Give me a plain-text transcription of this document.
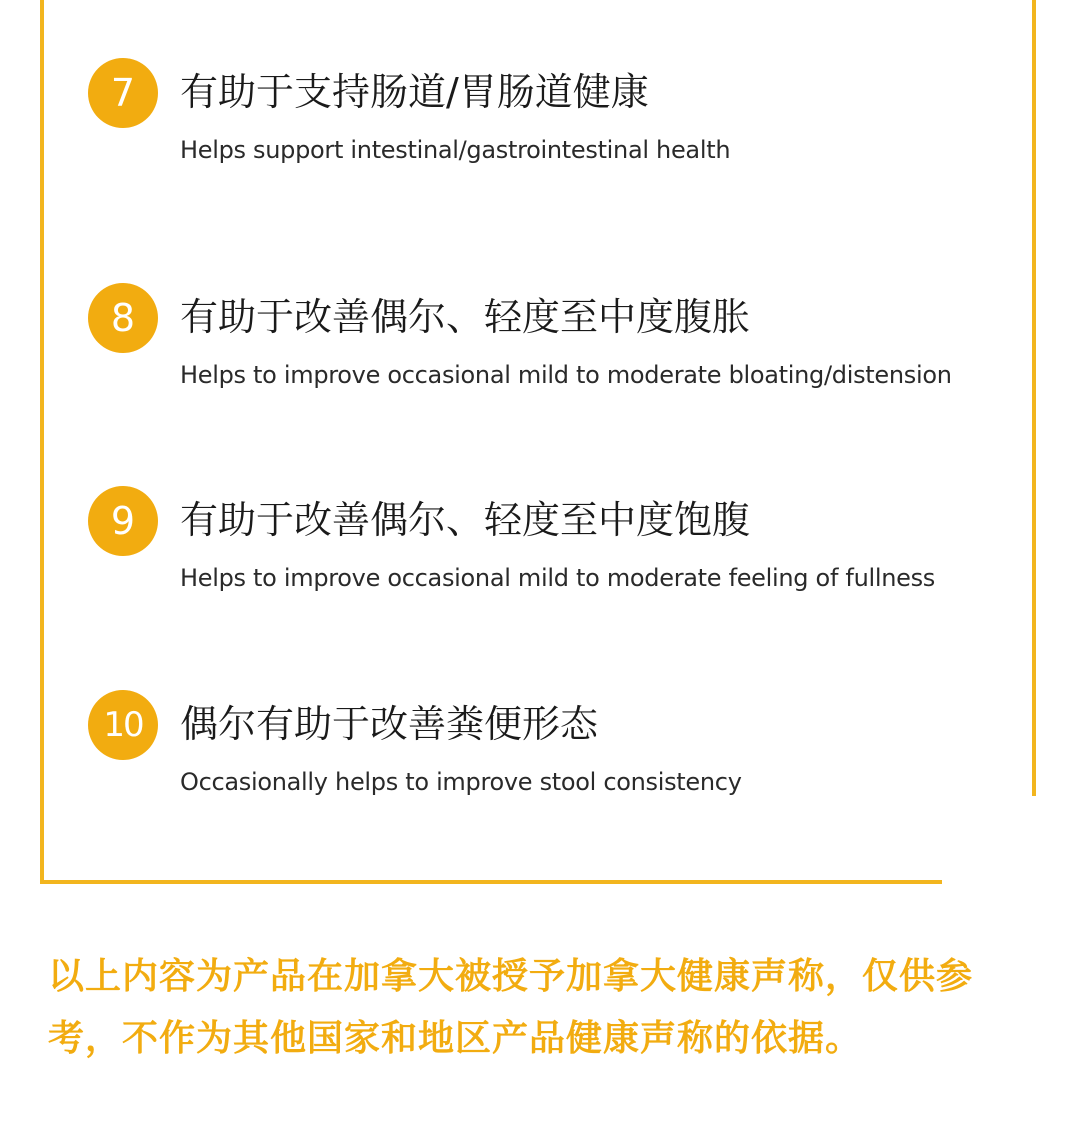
7	有助于支持肠道/胃肠道健康
Helps support intestinal/gastrointestinal health
8	有助于改善偶尔、轻度至中度腹胀
Helps to improve occasional mild to moderate bloating/distension
9	有助于改善偶尔、轻度至中度饱腹
Helps to improve occasional mild to moderate feeling of fullness
10 偶尔有助于改善粪便形态
Occasionally helps to improve stool consistency
以上内容为产品在加拿大被授予加拿大健康声称，仅供参考，不作为其他国家和地区产品健康声称的依据。
